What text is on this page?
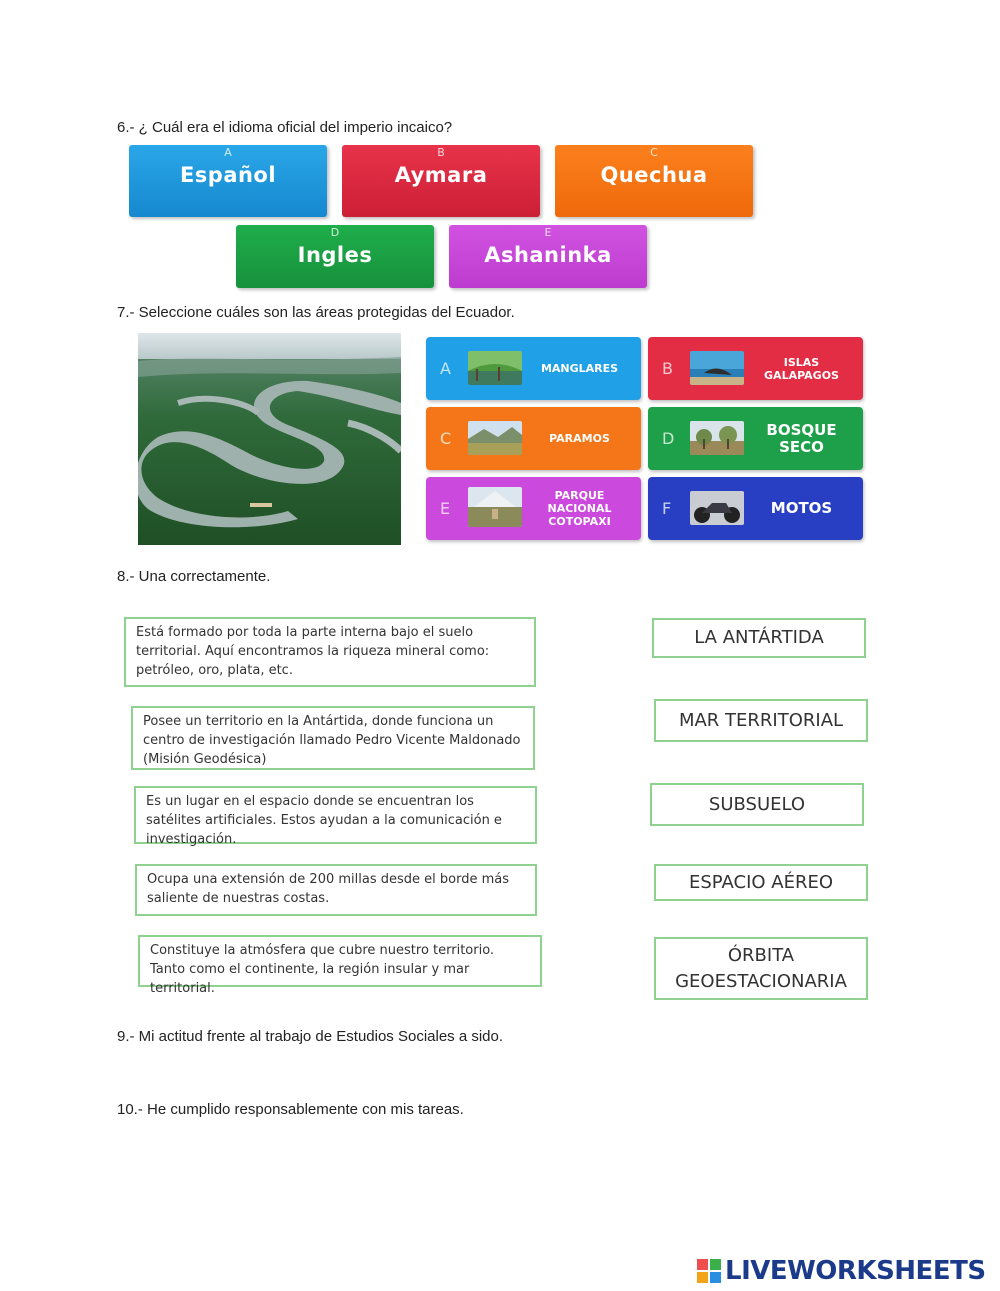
6.- ¿ Cuál era el idioma oficial del imperio incaico?
A
Español
B
Aymara
C
Quechua
D
Ingles
E
Ashaninka
7.- Seleccione cuáles son las áreas protegidas del Ecuador.
A	MANGLARES	B	ISLAS GALAPAGOS
C	PARAMOS	D	BOSQUE SECO
E
PARQUE NACIONAL COTOPAXI
F	MOTOS
8.- Una correctamente.
Está formado por toda la parte interna bajo el suelo territorial. Aquí encontramos la riqueza mineral como: petróleo, oro, plata, etc.
Posee un territorio en la Antártida, donde funciona un centro de investigación llamado Pedro Vicente Maldonado (Misión Geodésica)
Es un lugar en el espacio donde se encuentran los satélites artificiales. Estos ayudan a la comunicación e investigación.
Ocupa una extensión de 200 millas desde el borde más saliente de nuestras costas.
Constituye la atmósfera que cubre nuestro territorio. Tanto como el continente, la región insular y mar territorial.
LA ANTÁRTIDA
MAR TERRITORIAL
SUBSUELO
ESPACIO AÉREO
ÓRBITA GEOESTACIONARIA
9.- Mi actitud frente al trabajo de Estudios Sociales a sido.
10.- He cumplido responsablemente con mis tareas.
LIVEWORKSHEETS
